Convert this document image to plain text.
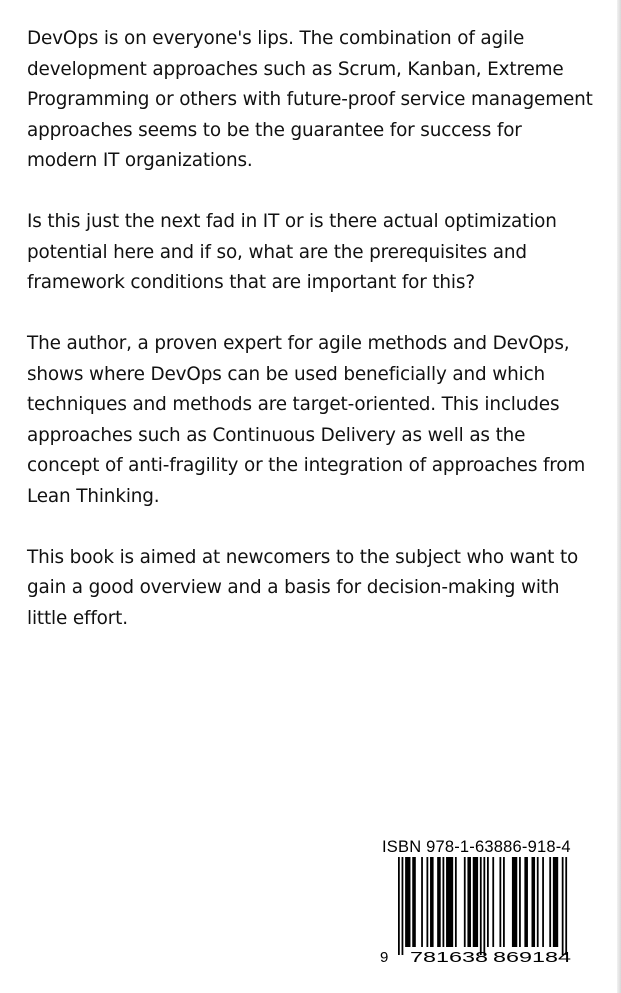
DevOps is on everyone's lips. The combination of agile development approaches such as Scrum, Kanban, Extreme Programming or others with future-proof service management approaches seems to be the guarantee for success for modern IT organizations.

Is this just the next fad in IT or is there actual optimization potential here and if so, what are the prerequisites and framework conditions that are important for this?

The author, a proven expert for agile methods and DevOps, shows where DevOps can be used beneficially and which techniques and methods are target-oriented. This includes approaches such as Continuous Delivery as well as the concept of anti-fragility or the integration of approaches from Lean Thinking.

This book is aimed at newcomers to the subject who want to gain a good overview and a basis for decision-making with little effort.

ISBN 978-1-63886-918-4
9 781638 869184
